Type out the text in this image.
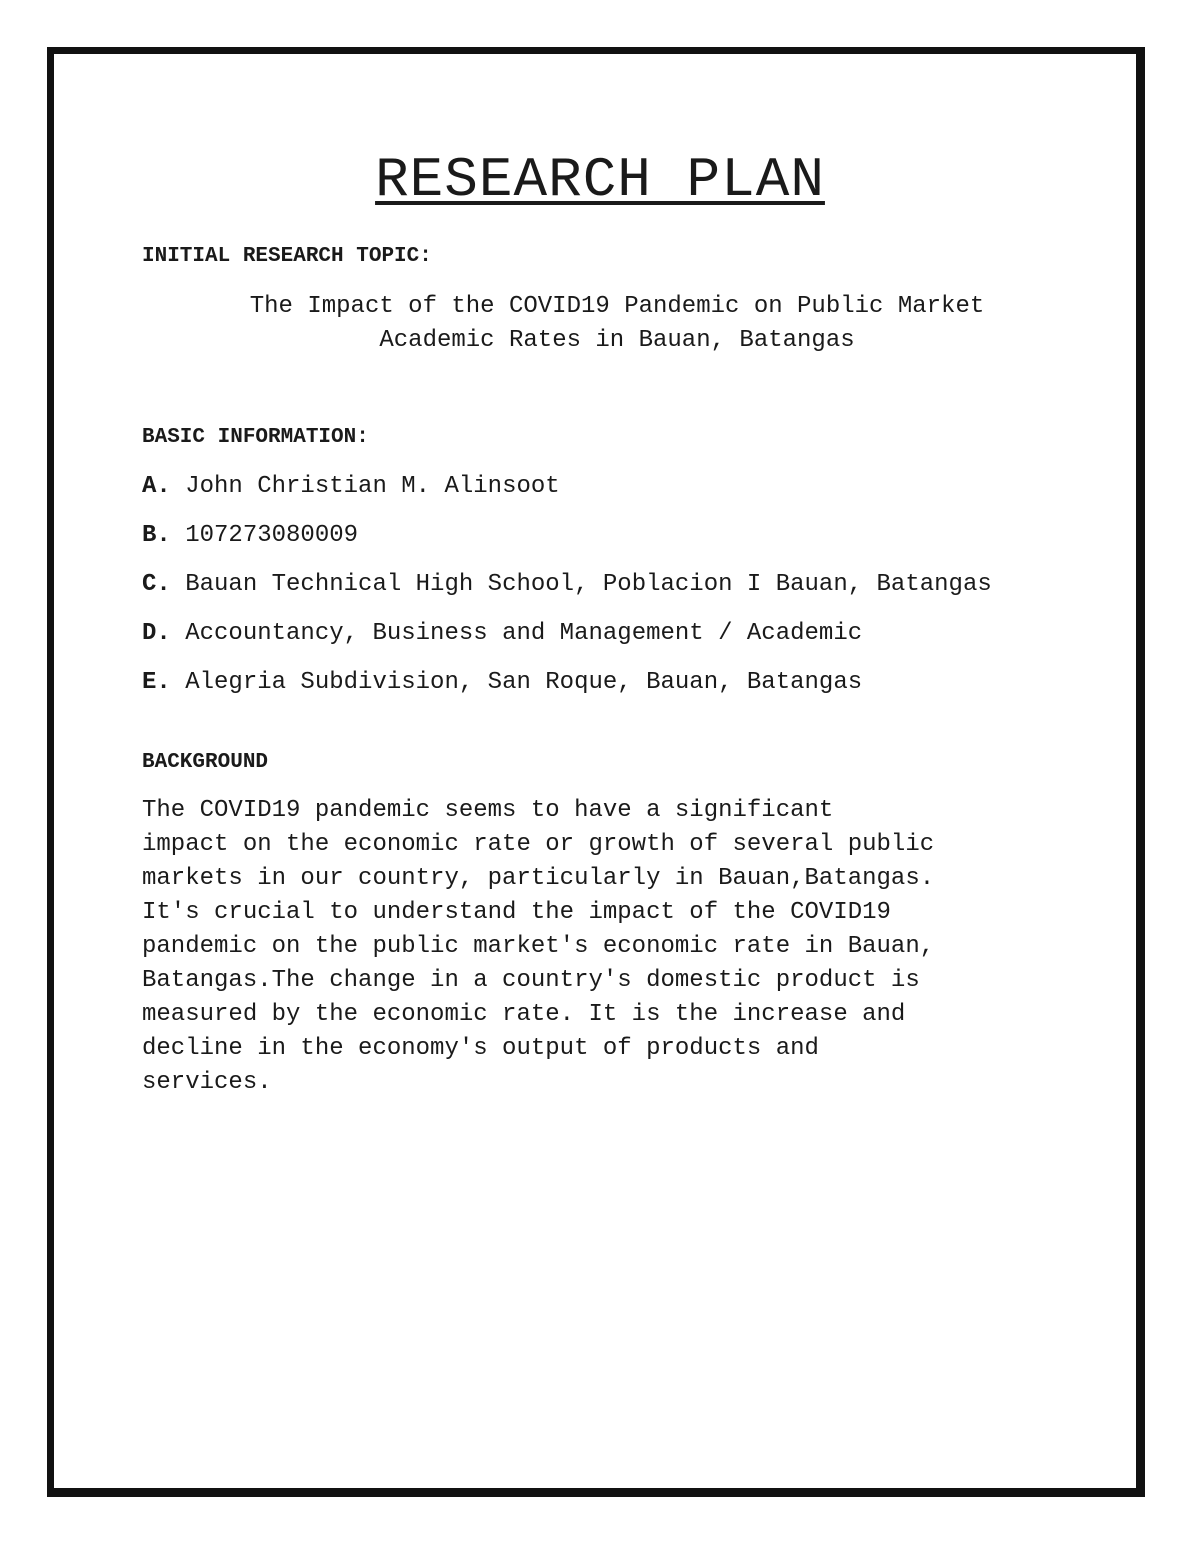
RESEARCH PLAN

INITIAL RESEARCH TOPIC:

The Impact of the COVID19 Pandemic on Public Market
Academic Rates in Bauan, Batangas

BASIC INFORMATION:

A. John Christian M. Alinsoot

B. 107273080009

C. Bauan Technical High School, Poblacion I Bauan, Batangas

D. Accountancy, Business and Management / Academic

E. Alegria Subdivision, San Roque, Bauan, Batangas

BACKGROUND

The COVID19 pandemic seems to have a significant
impact on the economic rate or growth of several public
markets in our country, particularly in Bauan,Batangas.
It's crucial to understand the impact of the COVID19
pandemic on the public market's economic rate in Bauan,
Batangas.The change in a country's domestic product is
measured by the economic rate. It is the increase and
decline in the economy's output of products and
services.
